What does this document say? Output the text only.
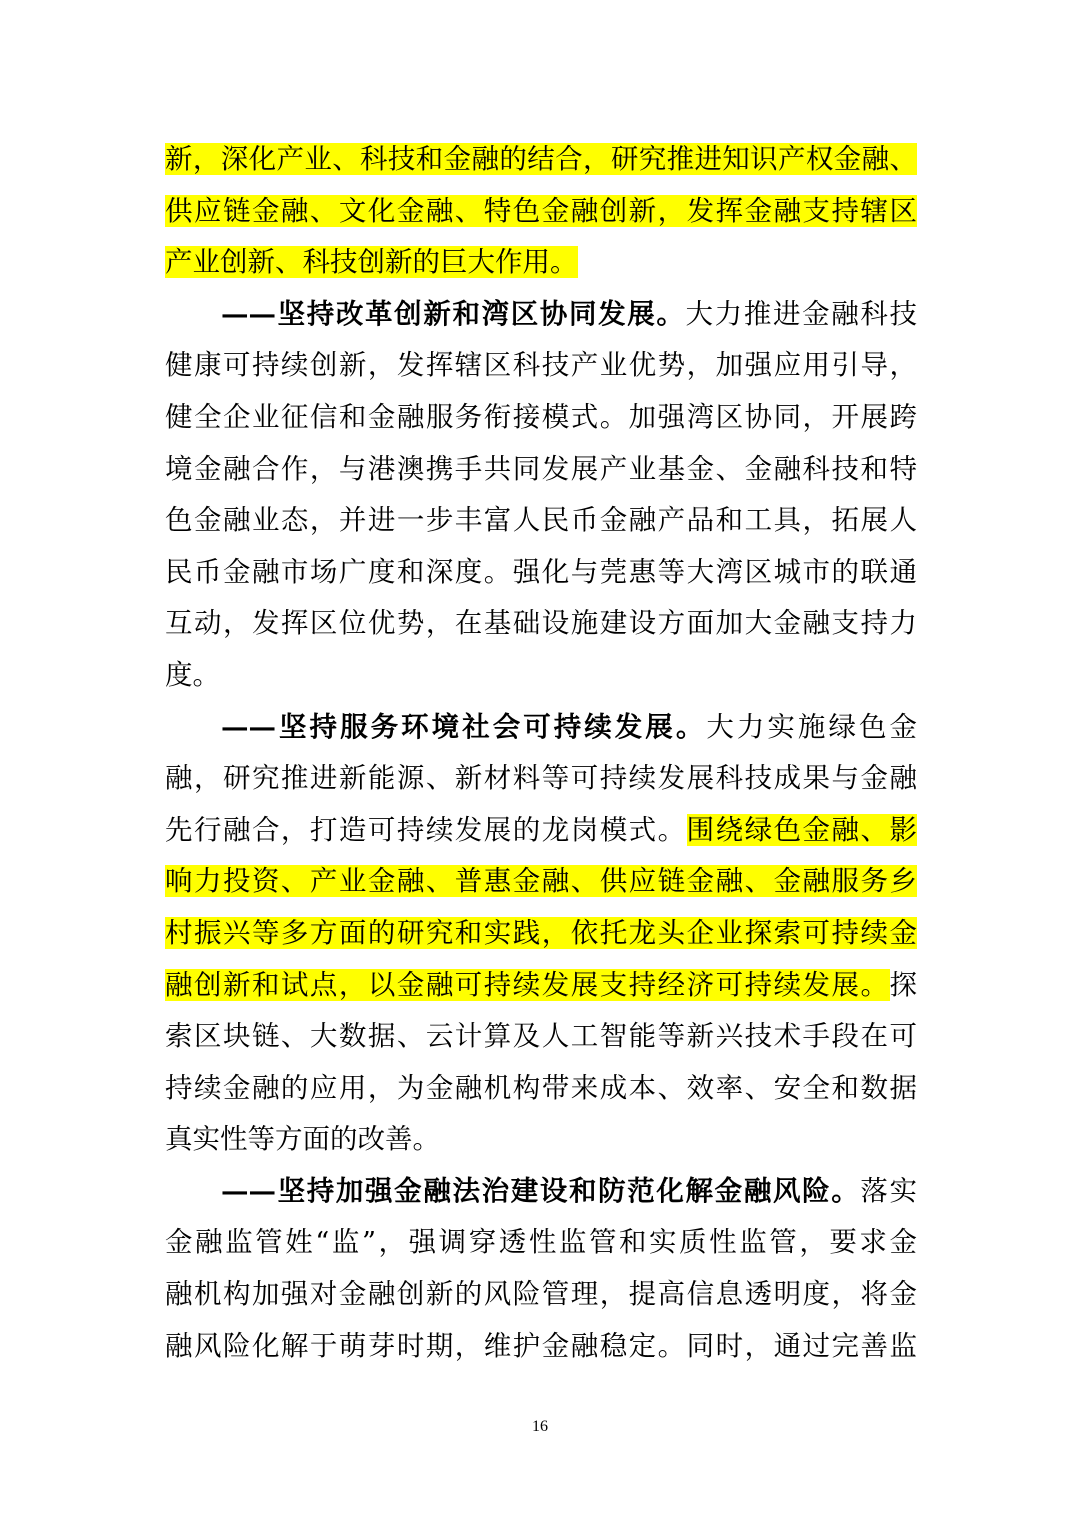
新，深化产业、科技和金融的结合，研究推进知识产权金融、
供应链金融、文化金融、特色金融创新，发挥金融支持辖区
产业创新、科技创新的巨大作用。
——坚持改革创新和湾区协同发展。大力推进金融科技
健康可持续创新，发挥辖区科技产业优势，加强应用引导，
健全企业征信和金融服务衔接模式。加强湾区协同，开展跨
境金融合作，与港澳携手共同发展产业基金、金融科技和特
色金融业态，并进一步丰富人民币金融产品和工具，拓展人
民币金融市场广度和深度。强化与莞惠等大湾区城市的联通
互动，发挥区位优势，在基础设施建设方面加大金融支持力
度。
——坚持服务环境社会可持续发展。大力实施绿色金
融，研究推进新能源、新材料等可持续发展科技成果与金融
先行融合，打造可持续发展的龙岗模式。围绕绿色金融、影
响力投资、产业金融、普惠金融、供应链金融、金融服务乡
村振兴等多方面的研究和实践，依托龙头企业探索可持续金
融创新和试点，以金融可持续发展支持经济可持续发展。探
索区块链、大数据、云计算及人工智能等新兴技术手段在可
持续金融的应用，为金融机构带来成本、效率、安全和数据
真实性等方面的改善。
——坚持加强金融法治建设和防范化解金融风险。落实
金融监管姓“监”，强调穿透性监管和实质性监管，要求金
融机构加强对金融创新的风险管理，提高信息透明度，将金
融风险化解于萌芽时期，维护金融稳定。同时，通过完善监
16
